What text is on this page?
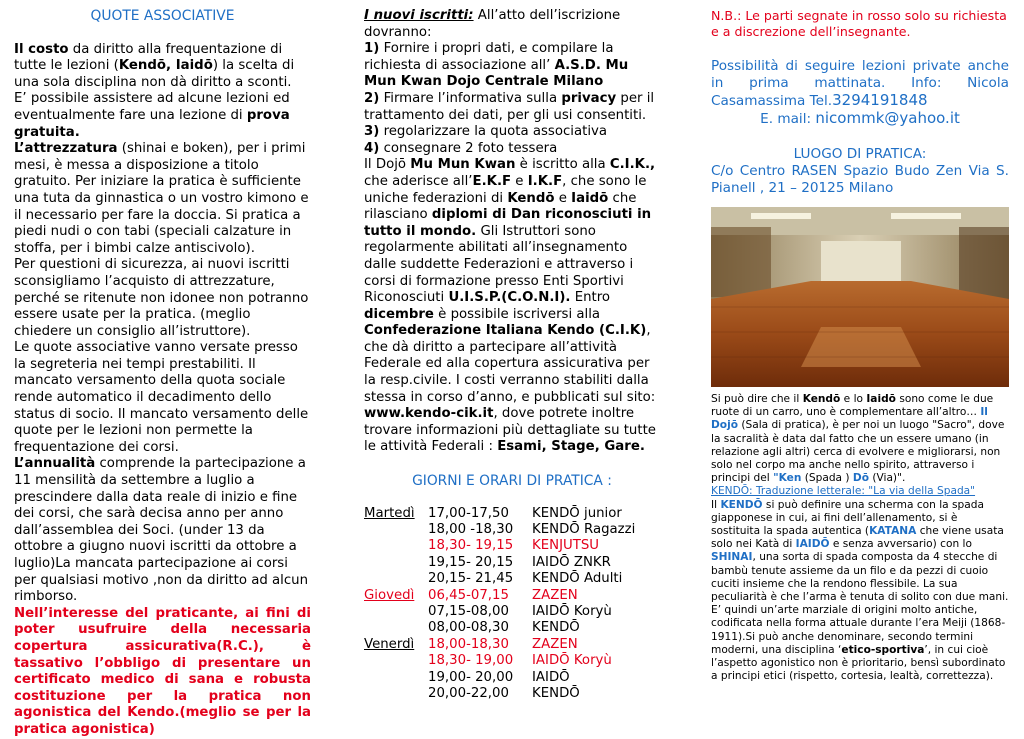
QUOTE ASSOCIATIVE

Il costo da diritto alla frequentazione di tutte le lezioni (Kendō, Iaidō) la scelta di una sola disciplina non dà diritto a sconti.

E’ possibile assistere ad alcune lezioni ed eventualmente fare una lezione di prova gratuita.

L’attrezzatura (shinai e boken), per i primi mesi, è messa a disposizione a titolo gratuito. Per iniziare la pratica è sufficiente una tuta da ginnastica o un vostro kimono e il necessario per fare la doccia. Si pratica a piedi nudi o con tabi (speciali calzature in stoffa, per i bimbi calze antiscivolo).

Per questioni di sicurezza, ai nuovi iscritti sconsigliamo l’acquisto di attrezzature, perché se ritenute non idonee non potranno essere usate per la pratica. (meglio chiedere un consiglio all’istruttore).

Le quote associative vanno versate presso la segreteria nei tempi prestabiliti. Il mancato versamento della quota sociale rende automatico il decadimento dello status di socio. Il mancato versamento delle quote per le lezioni non permette la frequentazione dei corsi.

L’annualità comprende la partecipazione a 11 mensilità da settembre a luglio a prescindere dalla data reale di inizio e fine dei corsi, che sarà decisa anno per anno dall’assemblea dei Soci. (under 13 da ottobre a giugno nuovi iscritti da ottobre a luglio)La mancata partecipazione ai corsi per qualsiasi motivo ,non da diritto ad alcun rimborso.

Nell’interesse del praticante, ai fini di poter usufruire della necessaria copertura assicurativa(R.C.), è tassativo l’obbligo di presentare un certificato medico di sana e robusta costituzione per la pratica non agonistica del Kendo.(meglio se per la pratica agonistica)

I nuovi iscritti: All’atto dell’iscrizione dovranno:

1) Fornire i propri dati, e compilare la richiesta di associazione all’ A.S.D. Mu Mun Kwan Dojo Centrale Milano

2) Firmare l’informativa sulla privacy per il trattamento dei dati, per gli usi consentiti.

3) regolarizzare la quota associativa

4) consegnare 2 foto tessera

Il Dojō Mu Mun Kwan è iscritto alla C.I.K., che aderisce all’E.K.F e I.K.F, che sono le uniche federazioni di Kendō e Iaidō che rilasciano diplomi di Dan riconosciuti in tutto il mondo. Gli Istruttori sono regolarmente abilitati all’insegnamento dalle suddette Federazioni e attraverso i corsi di formazione presso Enti Sportivi Riconosciuti U.I.S.P.(C.O.N.I). Entro dicembre è possibile iscriversi alla Confederazione Italiana Kendo (C.I.K), che dà diritto a partecipare all’attività Federale ed alla copertura assicurativa per la resp.civile. I costi verranno stabiliti dalla stessa in corso d’anno, e pubblicati sul sito: www.kendo-cik.it, dove potrete inoltre trovare informazioni più dettagliate su tutte le attività Federali : Esami, Stage, Gare.

GIORNI E ORARI DI PRATICA :
Martedì	17,00-17,50	KENDŌ junior
18,00 -18,30	KENDŌ Ragazzi
18,30- 19,15	KENJUTSU
19,15- 20,15	IAIDŌ ZNKR
20,15- 21,45	KENDŌ Adulti
Giovedì	06,45-07,15	ZAZEN
07,15-08,00	IAIDŌ Koryù
08,00-08,30	KENDŌ
Venerdì	18,00-18,30	ZAZEN
18,30- 19,00	IAIDŌ Koryù
19,00- 20,00	IAIDŌ
20,00-22,00	KENDŌ

N.B.: Le parti segnate in rosso solo su richiesta e a discrezione dell’insegnante.

Possibilità di seguire lezioni private anche in prima mattinata. Info: Nicola Casamassima Tel.3294191848

E. mail: nicommk@yahoo.it

LUOGO DI PRATICA:

C/o Centro RASEN Spazio Budo Zen Via S. Pianell , 21 – 20125 Milano

Si può dire che il Kendō e lo Iaidō sono come le due ruote di un carro, uno è complementare all’altro… Il Dojō (Sala di pratica), è per noi un luogo "Sacro", dove la sacralità è data dal fatto che un essere umano (in relazione agli altri) cerca di evolvere e migliorarsi, non solo nel corpo ma anche nello spirito, attraverso i principi del "Ken (Spada ) Dō (Via)".

KENDŌ: Traduzione letterale: "La via della Spada"

Il KENDŌ si può definire una scherma con la spada giapponese in cui, ai fini dell’allenamento, si è sostituita la spada autentica (KATANA che viene usata solo nei Katà di IAIDŌ e senza avversario) con lo SHINAI, una sorta di spada composta da 4 stecche di bambù tenute assieme da un filo e da pezzi di cuoio cuciti insieme che la rendono flessibile. La sua peculiarità è che l’arma è tenuta di solito con due mani. E’ quindi un’arte marziale di origini molto antiche, codificata nella forma attuale durante l’era Meiji (1868-1911).Si può anche denominare, secondo termini moderni, una disciplina ‘etico-sportiva’, in cui cioè l’aspetto agonistico non è prioritario, bensì subordinato a principi etici (rispetto, cortesia, lealtà, correttezza).
